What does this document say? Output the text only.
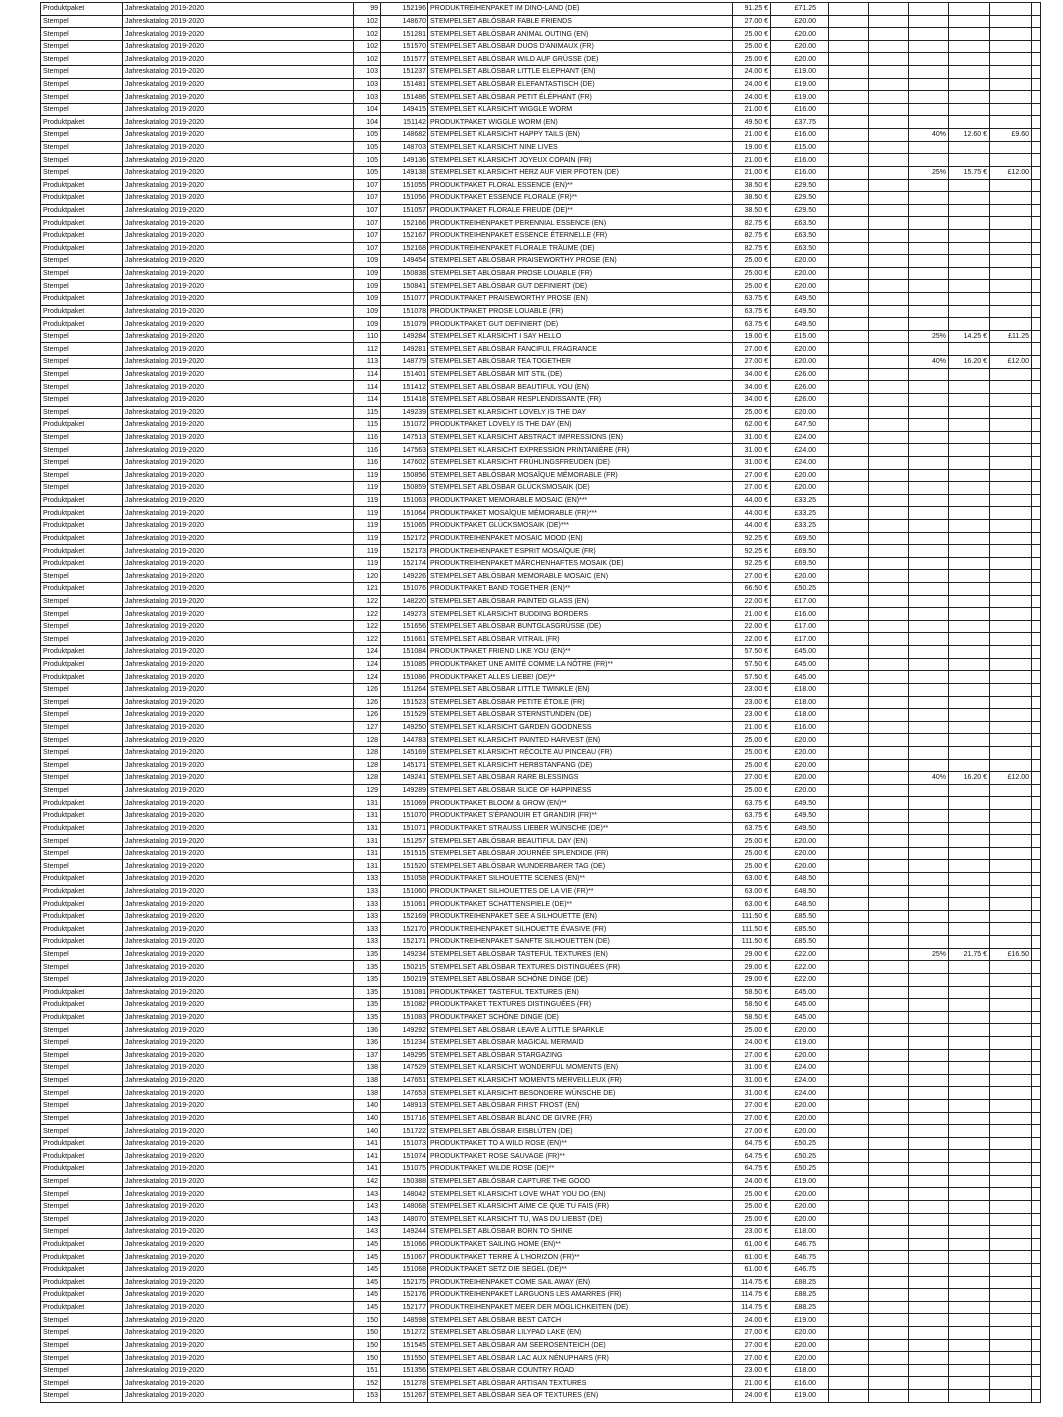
Produktpaket	Jahreskatalog 2019-2020	99	152196	PRODUKTREIHENPAKET IM DINO-LAND (DE)	91.25 €	£71.25						
Stempel	Jahreskatalog 2019-2020	102	148670	STEMPELSET ABLÖSBAR FABLE FRIENDS	27.00 €	£20.00						
Stempel	Jahreskatalog 2019-2020	102	151281	STEMPELSET ABLÖSBAR ANIMAL OUTING (EN)	25.00 €	£20.00						
Stempel	Jahreskatalog 2019-2020	102	151570	STEMPELSET ABLÖSBAR DUOS D'ANIMAUX (FR)	25.00 €	£20.00						
Stempel	Jahreskatalog 2019-2020	102	151577	STEMPELSET ABLÖSBAR WILD AUF GRÜSSE (DE)	25.00 €	£20.00						
Stempel	Jahreskatalog 2019-2020	103	151237	STEMPELSET ABLÖSBAR LITTLE ELEPHANT (EN)	24.00 €	£19.00						
Stempel	Jahreskatalog 2019-2020	103	151481	STEMPELSET ABLÖSBAR ELEFANTASTISCH (DE)	24.00 €	£19.00						
Stempel	Jahreskatalog 2019-2020	103	151486	STEMPELSET ABLÖSBAR PETIT ÉLÉPHANT (FR)	24.00 €	£19.00						
Stempel	Jahreskatalog 2019-2020	104	149415	STEMPELSET KLARSICHT WIGGLE WORM	21.00 €	£16.00						
Produktpaket	Jahreskatalog 2019-2020	104	151142	PRODUKTPAKET WIGGLE WORM (EN)	49.50 €	£37.75						
Stempel	Jahreskatalog 2019-2020	105	148682	STEMPELSET KLARSICHT HAPPY TAILS (EN)	21.00 €	£16.00			40%	12.60 €	£9.60	
Stempel	Jahreskatalog 2019-2020	105	148703	STEMPELSET KLARSICHT NINE LIVES	19.00 €	£15.00						
Stempel	Jahreskatalog 2019-2020	105	149136	STEMPELSET KLARSICHT JOYEUX COPAIN (FR)	21.00 €	£16.00						
Stempel	Jahreskatalog 2019-2020	105	149138	STEMPELSET KLARSICHT HERZ AUF VIER PFOTEN (DE)	21.00 €	£16.00			25%	15.75 €	£12.00	
Produktpaket	Jahreskatalog 2019-2020	107	151055	PRODUKTPAKET FLORAL ESSENCE (EN)**	38.50 €	£29.50						
Produktpaket	Jahreskatalog 2019-2020	107	151056	PRODUKTPAKET ESSENCE FLORALE (FR)**	38.50 €	£29.50						
Produktpaket	Jahreskatalog 2019-2020	107	151057	PRODUKTPAKET FLORALE FREUDE (DE)**	38.50 €	£29.50						
Produktpaket	Jahreskatalog 2019-2020	107	152166	PRODUKTREIHENPAKET PERENNIAL ESSENCE (EN)	82.75 €	£63.50						
Produktpaket	Jahreskatalog 2019-2020	107	152167	PRODUKTREIHENPAKET ESSENCE ÉTERNELLE (FR)	82.75 €	£63.50						
Produktpaket	Jahreskatalog 2019-2020	107	152168	PRODUKTREIHENPAKET FLORALE TRÄUME (DE)	82.75 €	£63.50						
Stempel	Jahreskatalog 2019-2020	109	149454	STEMPELSET ABLÖSBAR PRAISEWORTHY PROSE (EN)	25.00 €	£20.00						
Stempel	Jahreskatalog 2019-2020	109	150838	STEMPELSET ABLÖSBAR PROSE LOUABLE (FR)	25.00 €	£20.00						
Stempel	Jahreskatalog 2019-2020	109	150841	STEMPELSET ABLÖSBAR GUT DEFINIERT (DE)	25.00 €	£20.00						
Produktpaket	Jahreskatalog 2019-2020	109	151077	PRODUKTPAKET PRAISEWORTHY PROSE (EN)	63.75 €	£49.50						
Produktpaket	Jahreskatalog 2019-2020	109	151078	PRODUKTPAKET PROSE LOUABLE (FR)	63.75 €	£49.50						
Produktpaket	Jahreskatalog 2019-2020	109	151079	PRODUKTPAKET GUT DEFINIERT (DE)	63.75 €	£49.50						
Stempel	Jahreskatalog 2019-2020	110	149284	STEMPELSET KLARSICHT I SAY HELLO	19.00 €	£15.00			25%	14.25 €	£11.25	
Stempel	Jahreskatalog 2019-2020	112	149281	STEMPELSET ABLÖSBAR FANCIFUL FRAGRANCE	27.00 €	£20.00						
Stempel	Jahreskatalog 2019-2020	113	148779	STEMPELSET ABLÖSBAR TEA TOGETHER	27.00 €	£20.00			40%	16.20 €	£12.00	
Stempel	Jahreskatalog 2019-2020	114	151401	STEMPELSET ABLÖSBAR MIT STIL (DE)	34.00 €	£26.00						
Stempel	Jahreskatalog 2019-2020	114	151412	STEMPELSET ABLÖSBAR BEAUTIFUL YOU (EN)	34.00 €	£26.00						
Stempel	Jahreskatalog 2019-2020	114	151418	STEMPELSET ABLÖSBAR RESPLENDISSANTE (FR)	34.00 €	£26.00						
Stempel	Jahreskatalog 2019-2020	115	149239	STEMPELSET KLARSICHT LOVELY IS THE DAY	25.00 €	£20.00						
Produktpaket	Jahreskatalog 2019-2020	115	151072	PRODUKTPAKET LOVELY IS THE DAY (EN)	62.00 €	£47.50						
Stempel	Jahreskatalog 2019-2020	116	147513	STEMPELSET KLARSICHT ABSTRACT IMPRESSIONS (EN)	31.00 €	£24.00						
Stempel	Jahreskatalog 2019-2020	116	147563	STEMPELSET KLARSICHT EXPRESSION PRINTANIÈRE (FR)	31.00 €	£24.00						
Stempel	Jahreskatalog 2019-2020	116	147602	STEMPELSET KLARSICHT FRÜHLINGSFREUDEN (DE)	31.00 €	£24.00						
Stempel	Jahreskatalog 2019-2020	119	150856	STEMPELSET ABLÖSBAR MOSAÏQUE MÉMORABLE (FR)	27.00 €	£20.00						
Stempel	Jahreskatalog 2019-2020	119	150859	STEMPELSET ABLÖSBAR GLÜCKSMOSAIK (DE)	27.00 €	£20.00						
Produktpaket	Jahreskatalog 2019-2020	119	151063	PRODUKTPAKET MEMORABLE MOSAIC (EN)***	44.00 €	£33.25						
Produktpaket	Jahreskatalog 2019-2020	119	151064	PRODUKTPAKET MOSAÏQUE MÉMORABLE (FR)***	44.00 €	£33.25						
Produktpaket	Jahreskatalog 2019-2020	119	151065	PRODUKTPAKET GLÜCKSMOSAIK (DE)***	44.00 €	£33.25						
Produktpaket	Jahreskatalog 2019-2020	119	152172	PRODUKTREIHENPAKET MOSAIC MOOD (EN)	92.25 €	£69.50						
Produktpaket	Jahreskatalog 2019-2020	119	152173	PRODUKTREIHENPAKET ESPRIT MOSAÏQUE (FR)	92.25 €	£69.50						
Produktpaket	Jahreskatalog 2019-2020	119	152174	PRODUKTREIHENPAKET MÄRCHENHAFTES MOSAIK (DE)	92.25 €	£69.50						
Stempel	Jahreskatalog 2019-2020	120	149226	STEMPELSET ABLÖSBAR MEMORABLE MOSAIC (EN)	27.00 €	£20.00						
Produktpaket	Jahreskatalog 2019-2020	121	151076	PRODUKTPAKET BAND TOGETHER (EN)**	66.50 €	£50.25						
Stempel	Jahreskatalog 2019-2020	122	148220	STEMPELSET ABLÖSBAR PAINTED GLASS (EN)	22.00 €	£17.00						
Stempel	Jahreskatalog 2019-2020	122	149273	STEMPELSET KLARSICHT BUDDING BORDERS	21.00 €	£16.00						
Stempel	Jahreskatalog 2019-2020	122	151656	STEMPELSET ABLÖSBAR BUNTGLASGRÜSSE (DE)	22.00 €	£17.00						
Stempel	Jahreskatalog 2019-2020	122	151661	STEMPELSET ABLÖSBAR VITRAIL (FR)	22.00 €	£17.00						
Produktpaket	Jahreskatalog 2019-2020	124	151084	PRODUKTPAKET FRIEND LIKE YOU (EN)**	57.50 €	£45.00						
Produktpaket	Jahreskatalog 2019-2020	124	151085	PRODUKTPAKET UNE AMITÉ COMME LA NÔTRE (FR)**	57.50 €	£45.00						
Produktpaket	Jahreskatalog 2019-2020	124	151086	PRODUKTPAKET ALLES LIEBE! (DE)**	57.50 €	£45.00						
Stempel	Jahreskatalog 2019-2020	126	151264	STEMPELSET ABLÖSBAR LITTLE TWINKLE (EN)	23.00 €	£18.00						
Stempel	Jahreskatalog 2019-2020	126	151523	STEMPELSET ABLÖSBAR PETITE ÉTOILE (FR)	23.00 €	£18.00						
Stempel	Jahreskatalog 2019-2020	126	151529	STEMPELSET ABLÖSBAR STERNSTUNDEN (DE)	23.00 €	£18.00						
Stempel	Jahreskatalog 2019-2020	127	149250	STEMPELSET KLARSICHT GARDEN GOODNESS	21.00 €	£16.00						
Stempel	Jahreskatalog 2019-2020	128	144783	STEMPELSET KLARSICHT PAINTED HARVEST (EN)	25.00 €	£20.00						
Stempel	Jahreskatalog 2019-2020	128	145169	STEMPELSET KLARSICHT RÉCOLTE AU PINCEAU (FR)	25.00 €	£20.00						
Stempel	Jahreskatalog 2019-2020	128	145171	STEMPELSET KLARSICHT HERBSTANFANG (DE)	25.00 €	£20.00						
Stempel	Jahreskatalog 2019-2020	128	149241	STEMPELSET ABLÖSBAR RARE BLESSINGS	27.00 €	£20.00			40%	16.20 €	£12.00	
Stempel	Jahreskatalog 2019-2020	129	149289	STEMPELSET ABLÖSBAR SLICE OF HAPPINESS	25.00 €	£20.00						
Produktpaket	Jahreskatalog 2019-2020	131	151069	PRODUKTPAKET BLOOM & GROW (EN)**	63.75 €	£49.50						
Produktpaket	Jahreskatalog 2019-2020	131	151070	PRODUKTPAKET S'ÉPANOUIR ET GRANDIR (FR)**	63.75 €	£49.50						
Produktpaket	Jahreskatalog 2019-2020	131	151071	PRODUKTPAKET STRAUSS LIEBER WÜNSCHE (DE)**	63.75 €	£49.50						
Stempel	Jahreskatalog 2019-2020	131	151257	STEMPELSET ABLÖSBAR BEAUTIFUL DAY (EN)	25.00 €	£20.00						
Stempel	Jahreskatalog 2019-2020	131	151515	STEMPELSET ABLÖSBAR JOURNÉE SPLENDIDE (FR)	25.00 €	£20.00						
Stempel	Jahreskatalog 2019-2020	131	151520	STEMPELSET ABLÖSBAR WUNDERBARER TAG (DE)	25.00 €	£20.00						
Produktpaket	Jahreskatalog 2019-2020	133	151058	PRODUKTPAKET SILHOUETTE SCENES (EN)**	63.00 €	£48.50						
Produktpaket	Jahreskatalog 2019-2020	133	151060	PRODUKTPAKET SILHOUETTES DE LA VIE (FR)**	63.00 €	£48.50						
Produktpaket	Jahreskatalog 2019-2020	133	151061	PRODUKTPAKET SCHATTENSPIELE (DE)**	63.00 €	£48.50						
Produktpaket	Jahreskatalog 2019-2020	133	152169	PRODUKTREIHENPAKET SEE A SILHOUETTE (EN)	111.50 €	£85.50						
Produktpaket	Jahreskatalog 2019-2020	133	152170	PRODUKTREIHENPAKET SILHOUETTE ÉVASIVE (FR)	111.50 €	£85.50						
Produktpaket	Jahreskatalog 2019-2020	133	152171	PRODUKTREIHENPAKET SANFTE SILHOUETTEN (DE)	111.50 €	£85.50						
Stempel	Jahreskatalog 2019-2020	135	149234	STEMPELSET ABLÖSBAR TASTEFUL TEXTURES (EN)	29.00 €	£22.00			25%	21.75 €	£16.50	
Stempel	Jahreskatalog 2019-2020	135	150215	STEMPELSET ABLÖSBAR TEXTURES DISTINGUÉES (FR)	29.00 €	£22.00						
Stempel	Jahreskatalog 2019-2020	135	150219	STEMPELSET ABLÖSBAR SCHÖNE DINGE (DE)	29.00 €	£22.00						
Produktpaket	Jahreskatalog 2019-2020	135	151081	PRODUKTPAKET TASTEFUL TEXTURES (EN)	58.50 €	£45.00						
Produktpaket	Jahreskatalog 2019-2020	135	151082	PRODUKTPAKET TEXTURES DISTINGUÉES (FR)	58.50 €	£45.00						
Produktpaket	Jahreskatalog 2019-2020	135	151083	PRODUKTPAKET SCHÖNE DINGE (DE)	58.50 €	£45.00						
Stempel	Jahreskatalog 2019-2020	136	149292	STEMPELSET ABLÖSBAR LEAVE A LITTLE SPARKLE	25.00 €	£20.00						
Stempel	Jahreskatalog 2019-2020	136	151234	STEMPELSET ABLÖSBAR MAGICAL MERMAID	24.00 €	£19.00						
Stempel	Jahreskatalog 2019-2020	137	149295	STEMPELSET ABLÖSBAR STARGAZING	27.00 €	£20.00						
Stempel	Jahreskatalog 2019-2020	138	147529	STEMPELSET KLARSICHT WONDERFUL MOMENTS (EN)	31.00 €	£24.00						
Stempel	Jahreskatalog 2019-2020	138	147651	STEMPELSET KLARSICHT MOMENTS MERVEILLEUX (FR)	31.00 €	£24.00						
Stempel	Jahreskatalog 2019-2020	138	147653	STEMPELSET KLARSICHT BESONDERE WÜNSCHE DE)	31.00 €	£24.00						
Stempel	Jahreskatalog 2019-2020	140	148913	STEMPELSET ABLÖSBAR FIRST FROST (EN)	27.00 €	£20.00						
Stempel	Jahreskatalog 2019-2020	140	151716	STEMPELSET ABLÖSBAR BLANC DE GIVRE (FR)	27.00 €	£20.00						
Stempel	Jahreskatalog 2019-2020	140	151722	STEMPELSET ABLÖSBAR EISBLÜTEN (DE)	27.00 €	£20.00						
Produktpaket	Jahreskatalog 2019-2020	141	151073	PRODUKTPAKET TO A WILD ROSE (EN)**	64.75 €	£50.25						
Produktpaket	Jahreskatalog 2019-2020	141	151074	PRODUKTPAKET ROSE SAUVAGE (FR)**	64.75 €	£50.25						
Produktpaket	Jahreskatalog 2019-2020	141	151075	PRODUKTPAKET WILDE ROSE (DE)**	64.75 €	£50.25						
Stempel	Jahreskatalog 2019-2020	142	150388	STEMPELSET ABLÖSBAR CAPTURE THE GOOD	24.00 €	£19.00						
Stempel	Jahreskatalog 2019-2020	143	148042	STEMPELSET KLARSICHT LOVE WHAT YOU DO (EN)	25.00 €	£20.00						
Stempel	Jahreskatalog 2019-2020	143	148068	STEMPELSET KLARSICHT AIME CE QUE TU FAIS (FR)	25.00 €	£20.00						
Stempel	Jahreskatalog 2019-2020	143	148070	STEMPELSET KLARSICHT TU, WAS DU LIEBST (DE)	25.00 €	£20.00						
Stempel	Jahreskatalog 2019-2020	143	149244	STEMPELSET ABLÖSBAR BORN TO SHINE	23.00 €	£18.00						
Produktpaket	Jahreskatalog 2019-2020	145	151066	PRODUKTPAKET SAILING HOME (EN)**	61.00 €	£46.75						
Produktpaket	Jahreskatalog 2019-2020	145	151067	PRODUKTPAKET TERRE À L'HORIZON (FR)**	61.00 €	£46.75						
Produktpaket	Jahreskatalog 2019-2020	145	151068	PRODUKTPAKET SETZ DIE SEGEL (DE)**	61.00 €	£46.75						
Produktpaket	Jahreskatalog 2019-2020	145	152175	PRODUKTREIHENPAKET COME SAIL AWAY (EN)	114.75 €	£88.25						
Produktpaket	Jahreskatalog 2019-2020	145	152176	PRODUKTREIHENPAKET LARGUONS LES AMARRES (FR)	114.75 €	£88.25						
Produktpaket	Jahreskatalog 2019-2020	145	152177	PRODUKTREIHENPAKET MEER DER MÖGLICHKEITEN (DE)	114.75 €	£88.25						
Stempel	Jahreskatalog 2019-2020	150	148598	STEMPELSET ABLÖSBAR BEST CATCH	24.00 €	£19.00						
Stempel	Jahreskatalog 2019-2020	150	151272	STEMPELSET ABLÖSBAR LILYPAD LAKE (EN)	27.00 €	£20.00						
Stempel	Jahreskatalog 2019-2020	150	151545	STEMPELSET ABLÖSBAR AM SEEROSENTEICH (DE)	27.00 €	£20.00						
Stempel	Jahreskatalog 2019-2020	150	151550	STEMPELSET ABLÖSBAR LAC AUX NÉNUPHARS (FR)	27.00 €	£20.00						
Stempel	Jahreskatalog 2019-2020	151	151356	STEMPELSET ABLÖSBAR COUNTRY ROAD	23.00 €	£18.00						
Stempel	Jahreskatalog 2019-2020	152	151278	STEMPELSET ABLÖSBAR ARTISAN TEXTURES	21.00 €	£16.00						
Stempel	Jahreskatalog 2019-2020	153	151267	STEMPELSET ABLÖSBAR SEA OF TEXTURES (EN)	24.00 €	£19.00						
